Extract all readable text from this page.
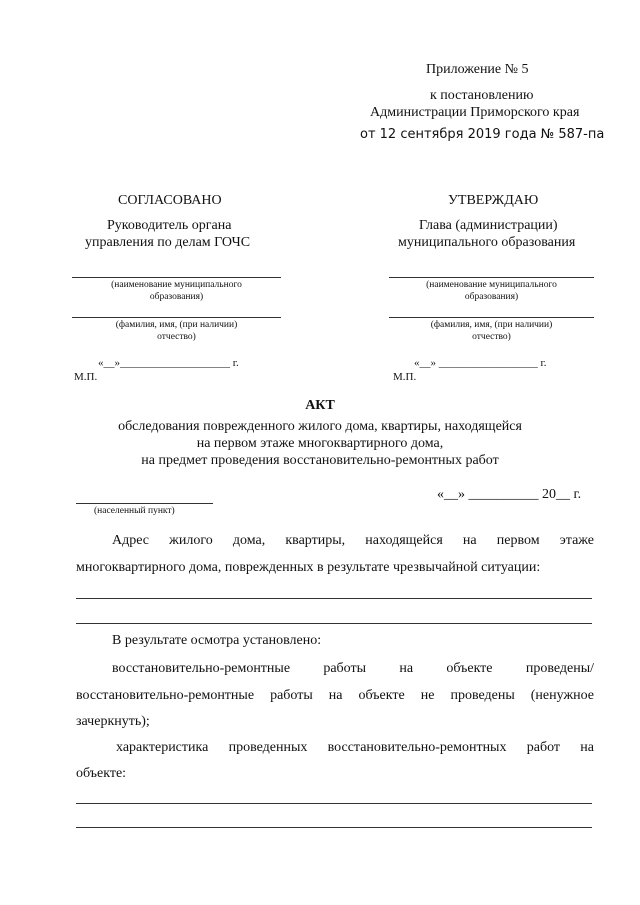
Приложение № 5
к постановлению
Администрации Приморского края
от 12 сентября 2019 года № 587-па
СОГЛАСОВАНО
Руководитель органа
управления по делам ГОЧС
(наименование муниципального
образования)
(фамилия, имя, (при наличии)
отчество)
«__»____________________ г.
М.П.
УТВЕРЖДАЮ
Глава (администрации)
муниципального образования
(наименование муниципального
образования)
(фамилия, имя, (при наличии)
отчество)
«__» __________________ г.
М.П.
АКТ
обследования поврежденного жилого дома, квартиры, находящейся
на первом этаже многоквартирного дома,
на предмет проведения восстановительно-ремонтных работ
(населенный пункт)
«__» __________ 20__ г.
Адрес жилого дома, квартиры, находящейся на первом этаже
многоквартирного дома, поврежденных в результате чрезвычайной ситуации:
В результате осмотра установлено:
восстановительно-ремонтные работы на объекте проведены/
восстановительно-ремонтные работы на объекте не проведены (ненужное
зачеркнуть);
характеристика проведенных восстановительно-ремонтных работ на
объекте:
